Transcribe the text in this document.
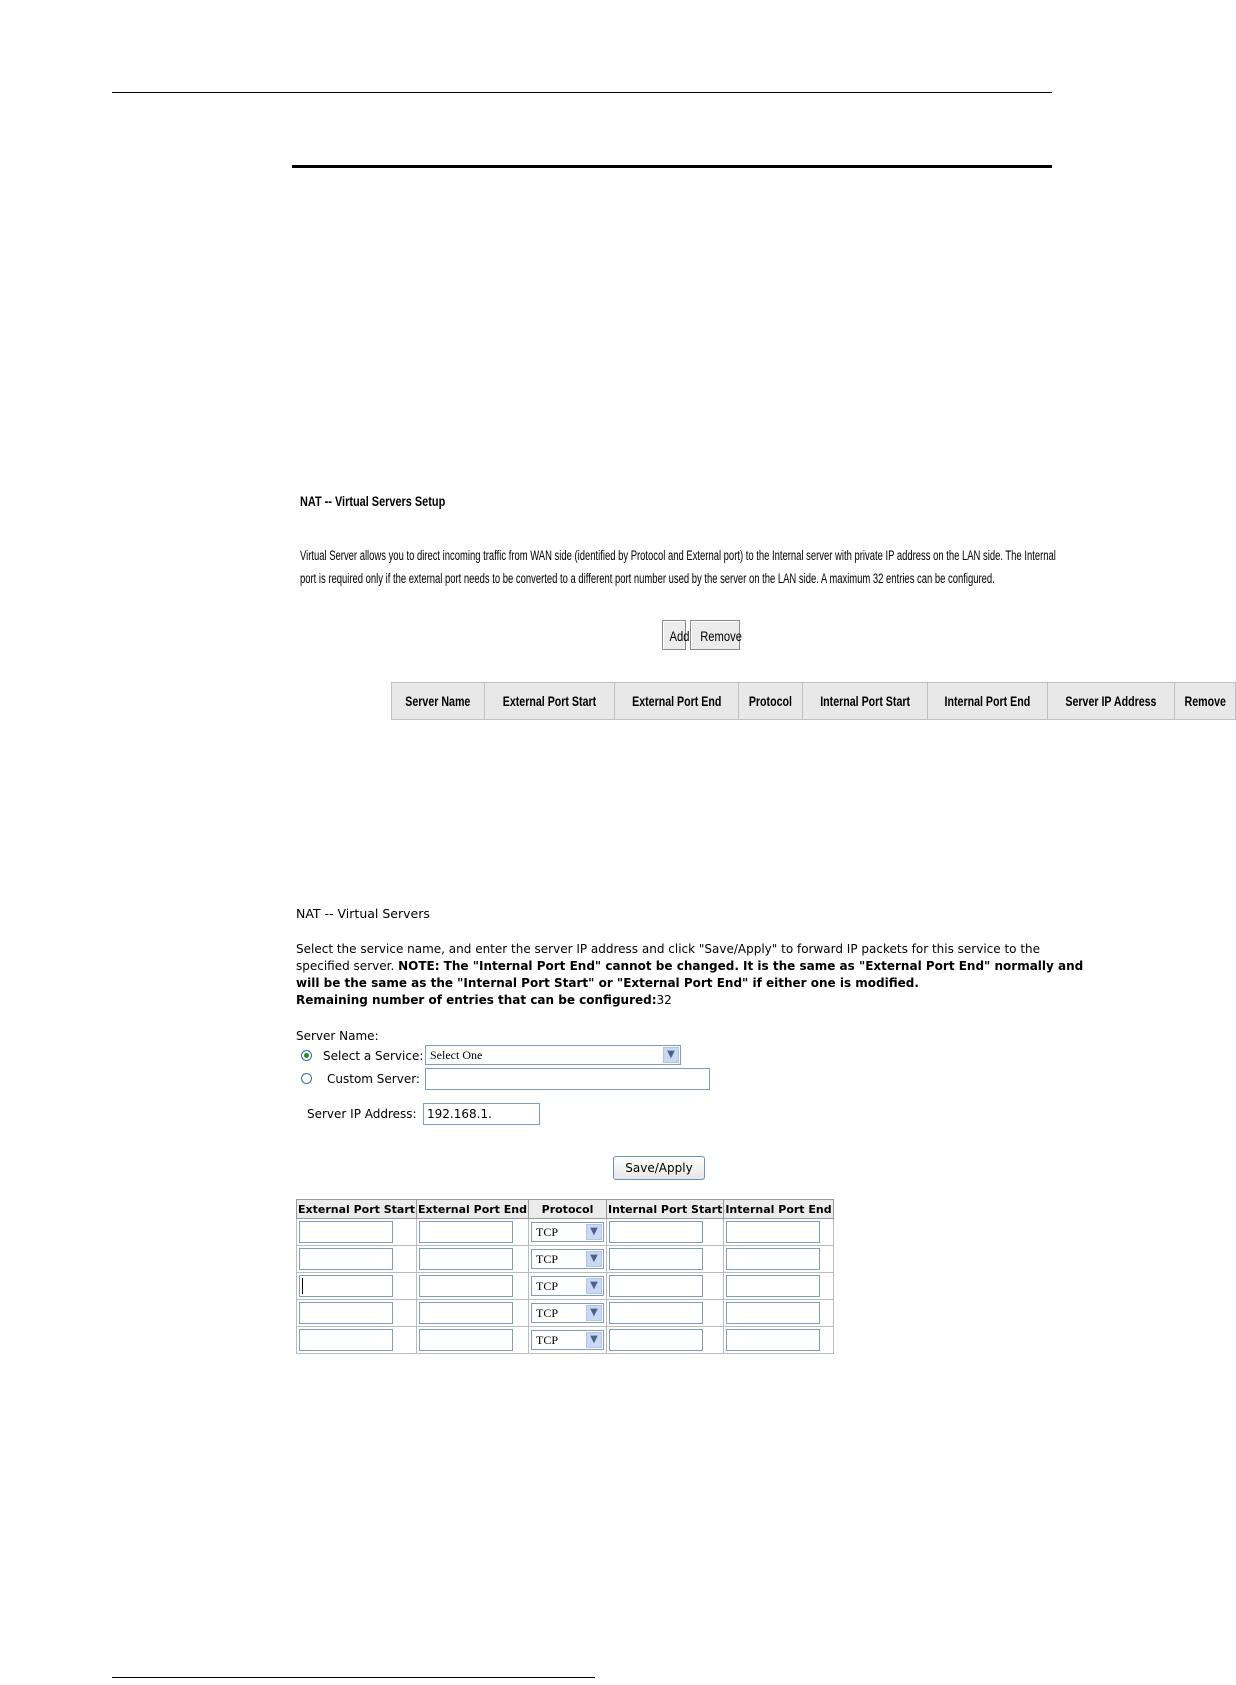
NAT -- Virtual Servers Setup
Virtual Server allows you to direct incoming traffic from WAN side (identified by Protocol and External port) to the Internal server with private IP address on the LAN side. The Internal port is required only if the external port needs to be converted to a different port number used by the server on the LAN side. A maximum 32 entries can be configured.
Add Remove
Server Name	External Port Start	External Port End	Protocol	Internal Port Start	Internal Port End	Server IP Address	Remove
NAT -- Virtual Servers
Select the service name, and enter the server IP address and click "Save/Apply" to forward IP packets for this service to the
specified server. NOTE: The "Internal Port End" cannot be changed. It is the same as "External Port End" normally and
will be the same as the "Internal Port Start" or "External Port End" if either one is modified.
Remaining number of entries that can be configured:32
Server Name:
Select a Service: Select One	▼
Custom Server:
Server IP Address: 192.168.1.
Save/Apply
External Port Start	External Port End	Protocol	Internal Port Start	Internal Port End

		TCP ▼		

		TCP ▼		

		TCP ▼		

		TCP ▼		

		TCP ▼		
